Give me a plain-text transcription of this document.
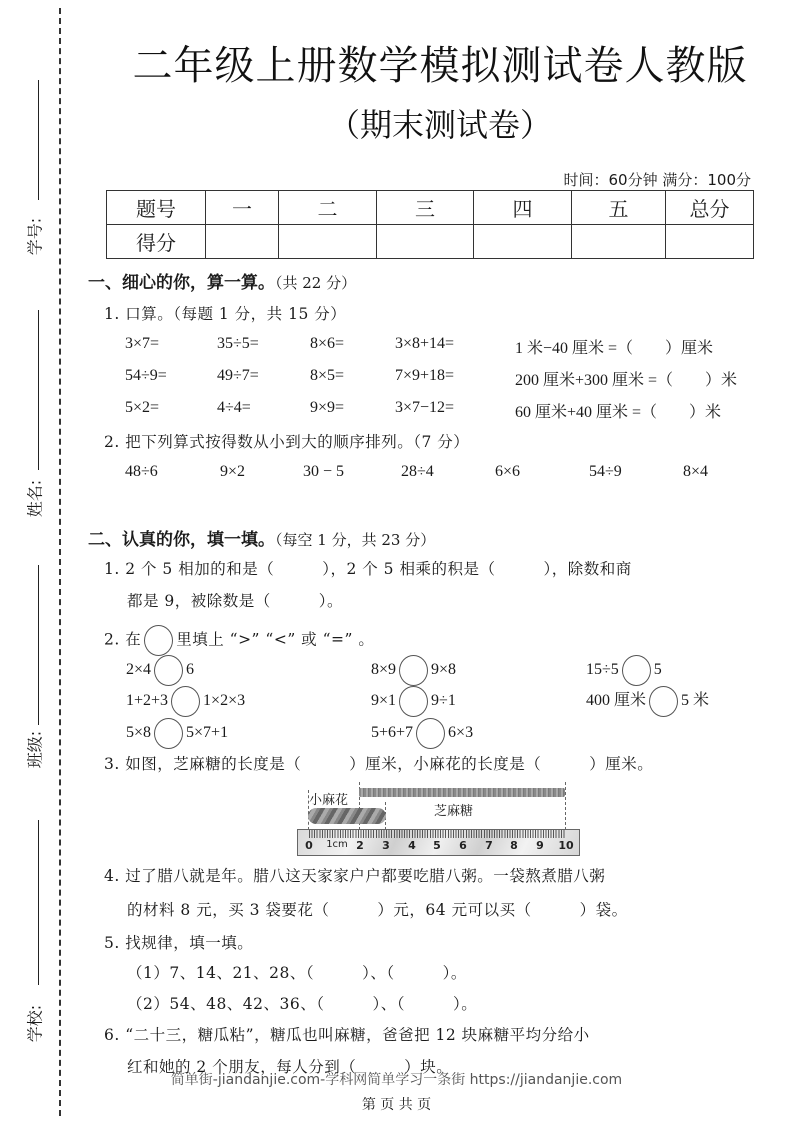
学号:
姓名:
班级:
学校:
二年级上册数学模拟测试卷人教版
（期末测试卷）
时间：60分钟 满分：100分
题号	一	二	三	四	五	总分
得分						
一、细心的你，算一算。（共 22 分）
1. 口算。（每题 1 分，共 15 分）
3×7=	35÷5=	8×6=	3×8+14=	1 米−40 厘米 =（　　）厘米
54÷9=	49÷7=	8×5=	7×9+18=	200 厘米+300 厘米 =（　　）米
5×2=	4÷4=	9×9=	3×7−12=	60 厘米+40 厘米 =（　　）米
2. 把下列算式按得数从小到大的顺序排列。（7 分）
48÷6	9×2	30 − 5	28÷4	6×6	54÷9	8×4
二、认真的你，填一填。（每空 1 分，共 23 分）
1. 2 个 5 相加的和是（　　　），2 个 5 相乘的积是（　　　），除数和商
都是 9，被除数是（　　　）。
2. 在 里填上 “>” “<” 或 “=” 。
2×4 6	8×9 9×8	15÷5 5
1+2+3 1×2×3	9×1 9÷1	400 厘米 5 米
5×8 5×7+1	5+6+7 6×3
3. 如图，芝麻糖的长度是（　　　）厘米，小麻花的长度是（　　　）厘米。
小麻花
芝麻糖
0 1cm 2 3 4 5 6 7 8 9 10
4. 过了腊八就是年。腊八这天家家户户都要吃腊八粥。一袋熬煮腊八粥
的材料 8 元，买 3 袋要花（　　　）元，64 元可以买（　　　）袋。
5. 找规律，填一填。
（1）7、14、21、28、（　　　）、（　　　）。
（2）54、48、42、36、（　　　）、（　　　）。
6. “二十三，糖瓜粘”，糖瓜也叫麻糖，爸爸把 12 块麻糖平均分给小
红和她的 2 个朋友，每人分到（　　　）块。
简单街-jiandanjie.com-学科网简单学习一条街 https://jiandanjie.com
第 页 共 页
